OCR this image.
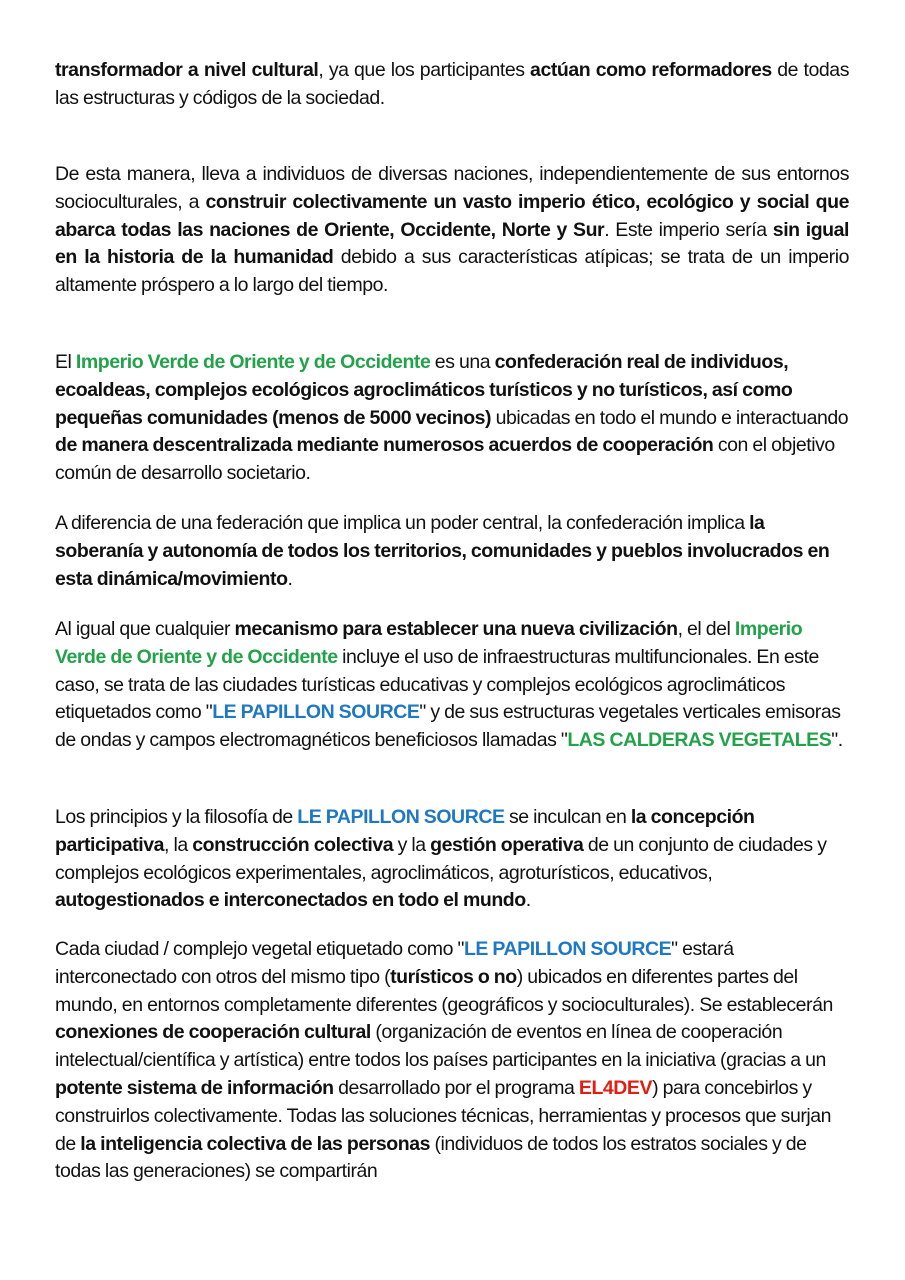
transformador a nivel cultural, ya que los participantes actúan como reformadores de todas las estructuras y códigos de la sociedad.

De esta manera, lleva a individuos de diversas naciones, independientemente de sus entornos socioculturales, a construir colectivamente un vasto imperio ético, ecológico y social que abarca todas las naciones de Oriente, Occidente, Norte y Sur. Este imperio sería sin igual en la historia de la humanidad debido a sus características atípicas; se trata de un imperio altamente próspero a lo largo del tiempo.

El Imperio Verde de Oriente y de Occidente es una confederación real de individuos, ecoaldeas, complejos ecológicos agroclimáticos turísticos y no turísticos, así como pequeñas comunidades (menos de 5000 vecinos) ubicadas en todo el mundo e interactuando de manera descentralizada mediante numerosos acuerdos de cooperación con el objetivo común de desarrollo societario.

A diferencia de una federación que implica un poder central, la confederación implica la soberanía y autonomía de todos los territorios, comunidades y pueblos involucrados en esta dinámica/movimiento.

Al igual que cualquier mecanismo para establecer una nueva civilización, el del Imperio Verde de Oriente y de Occidente incluye el uso de infraestructuras multifuncionales. En este caso, se trata de las ciudades turísticas educativas y complejos ecológicos agroclimáticos etiquetados como "LE PAPILLON SOURCE" y de sus estructuras vegetales verticales emisoras de ondas y campos electromagnéticos beneficiosos llamadas "LAS CALDERAS VEGETALES".

Los principios y la filosofía de LE PAPILLON SOURCE se inculcan en la concepción participativa, la construcción colectiva y la gestión operativa de un conjunto de ciudades y complejos ecológicos experimentales, agroclimáticos, agroturísticos, educativos, autogestionados e interconectados en todo el mundo.

Cada ciudad / complejo vegetal etiquetado como "LE PAPILLON SOURCE" estará interconectado con otros del mismo tipo (turísticos o no) ubicados en diferentes partes del mundo, en entornos completamente diferentes (geográficos y socioculturales). Se establecerán conexiones de cooperación cultural (organización de eventos en línea de cooperación intelectual/científica y artística) entre todos los países participantes en la iniciativa (gracias a un potente sistema de información desarrollado por el programa EL4DEV) para concebirlos y construirlos colectivamente. Todas las soluciones técnicas, herramientas y procesos que surjan de la inteligencia colectiva de las personas (individuos de todos los estratos sociales y de todas las generaciones) se compartirán
